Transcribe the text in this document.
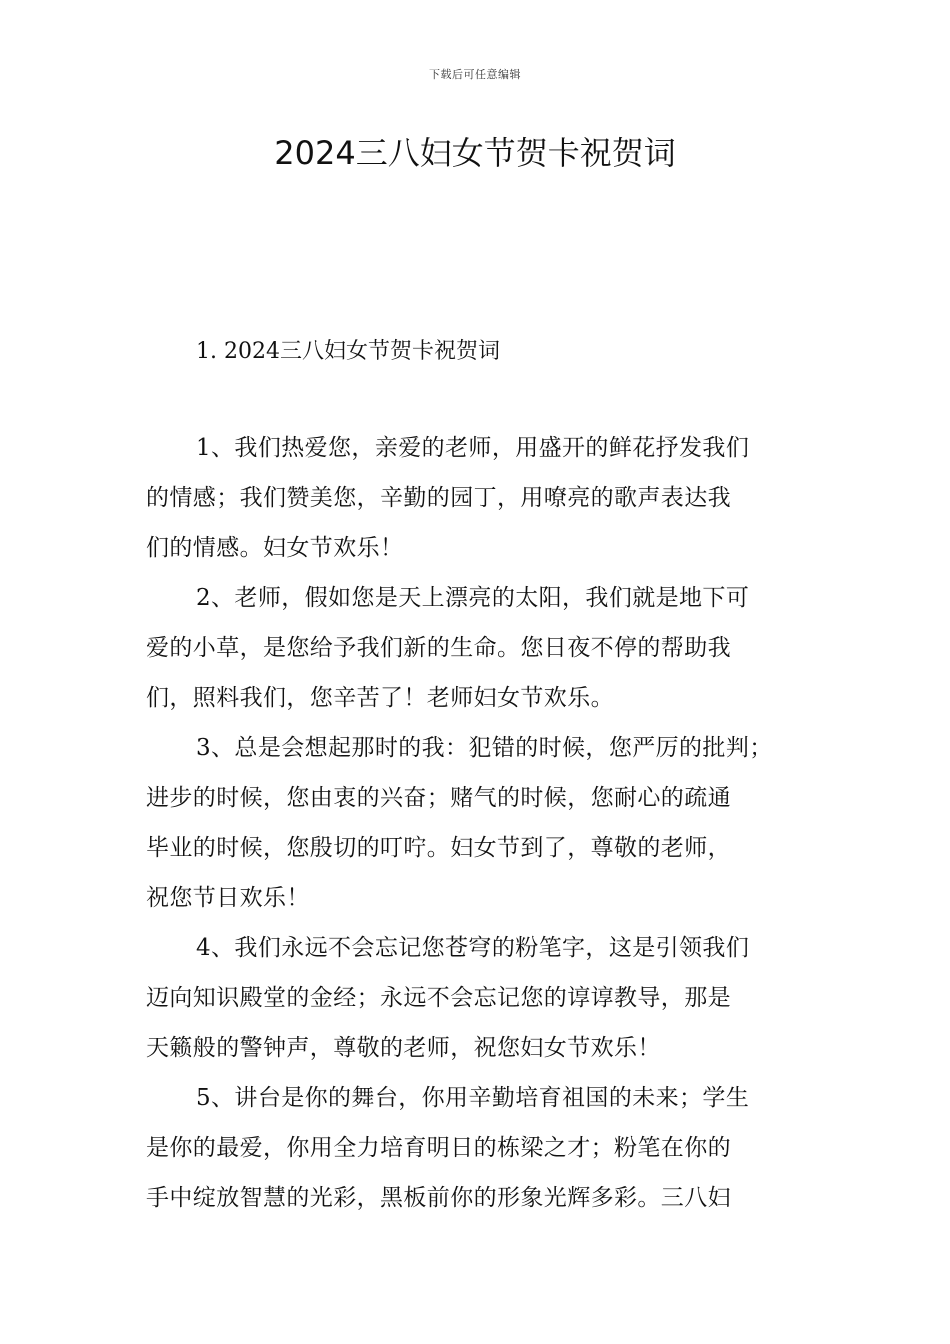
下载后可任意编辑
2024三八妇女节贺卡祝贺词
1. 2024三八妇女节贺卡祝贺词

1、我们热爱您，亲爱的老师，用盛开的鲜花抒发我们
的情感；我们赞美您，辛勤的园丁，用嘹亮的歌声表达我
们的情感。妇女节欢乐！

2、老师，假如您是天上漂亮的太阳，我们就是地下可
爱的小草，是您给予我们新的生命。您日夜不停的帮助我
们，照料我们，您辛苦了！老师妇女节欢乐。

3、总是会想起那时的我：犯错的时候，您严厉的批判；
进步的时候，您由衷的兴奋；赌气的时候，您耐心的疏通
毕业的时候，您殷切的叮咛。妇女节到了，尊敬的老师，
祝您节日欢乐！

4、我们永远不会忘记您苍穹的粉笔字，这是引领我们
迈向知识殿堂的金经；永远不会忘记您的谆谆教导，那是
天籁般的警钟声，尊敬的老师，祝您妇女节欢乐！

5、讲台是你的舞台，你用辛勤培育祖国的未来；学生
是你的最爱，你用全力培育明日的栋梁之才；粉笔在你的
手中绽放智慧的光彩，黑板前你的形象光辉多彩。三八妇
